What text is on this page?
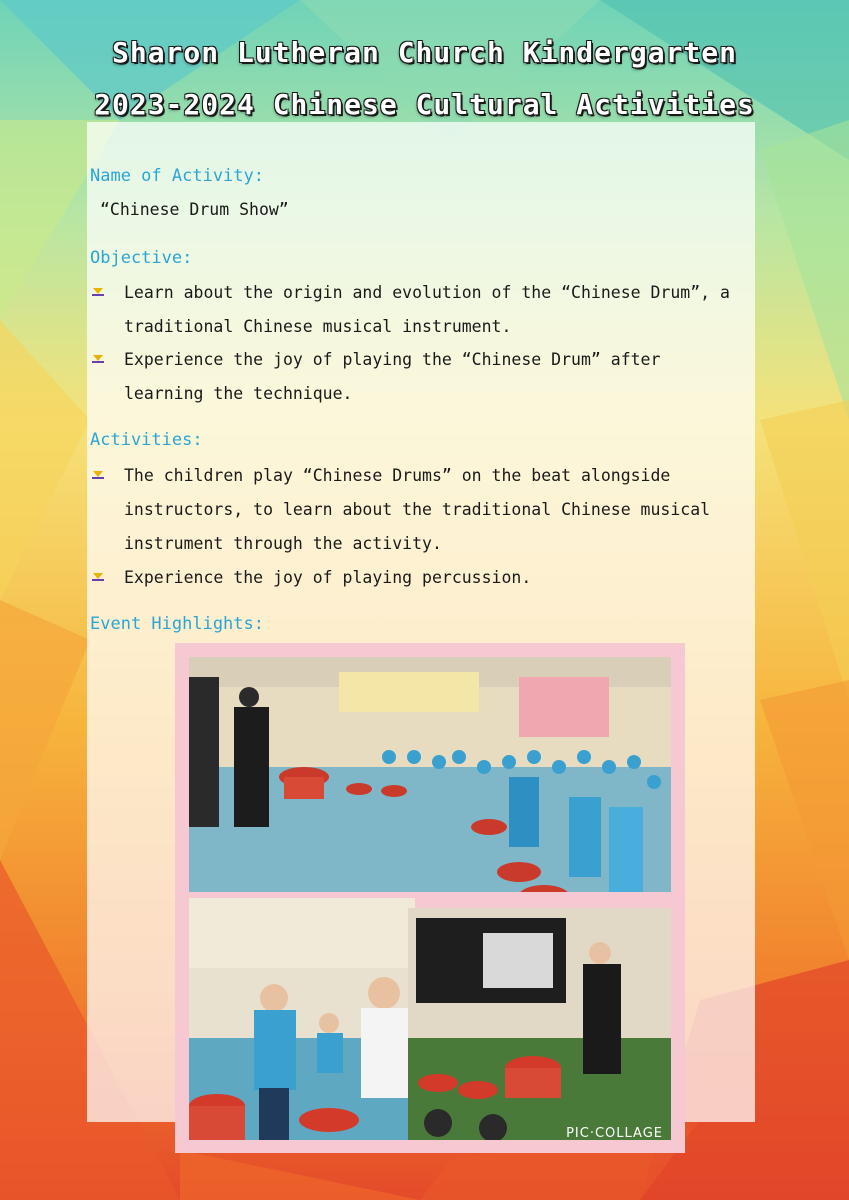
Sharon Lutheran Church Kindergarten
2023-2024 Chinese Cultural Activities
Name of Activity:
“Chinese Drum Show”
Objective:
Learn about the origin and evolution of the “Chinese Drum”, a
traditional Chinese musical instrument.
Experience the joy of playing the “Chinese Drum” after
learning the technique.
Activities:
The children play “Chinese Drums” on the beat alongside
instructors, to learn about the traditional Chinese musical
instrument through the activity.
Experience the joy of playing percussion.
Event Highlights:
PIC·COLLAGE
